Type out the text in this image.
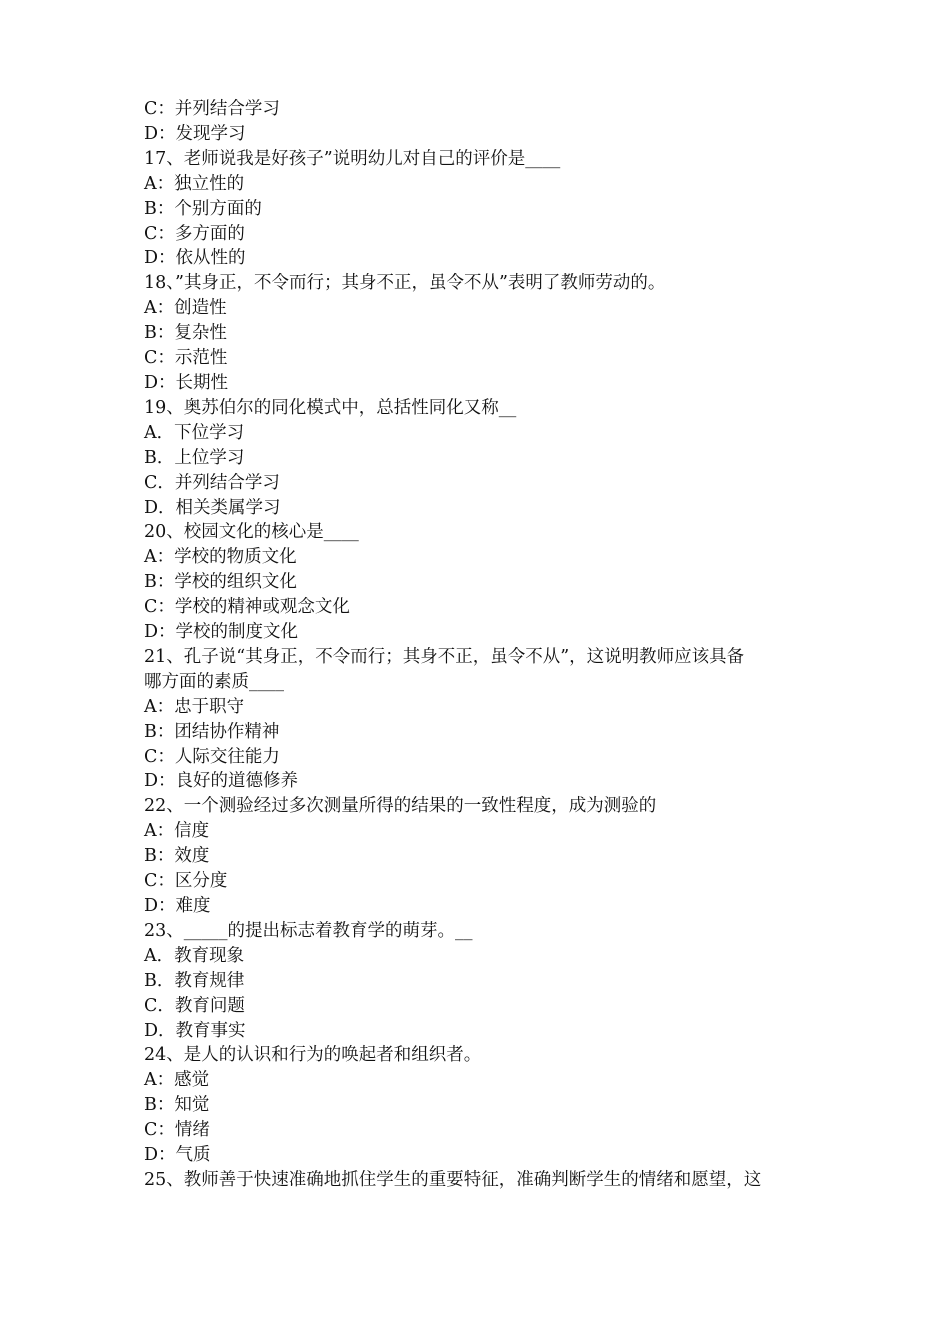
C：并列结合学习
D：发现学习
17、老师说我是好孩子”说明幼儿对自己的评价是____
A：独立性的
B：个别方面的
C：多方面的
D：依从性的
18、”其身正，不令而行；其身不正，虽令不从”表明了教师劳动的。
A：创造性
B：复杂性
C：示范性
D：长期性
19、奥苏伯尔的同化模式中，总括性同化又称__
A．下位学习
B．上位学习
C．并列结合学习
D．相关类属学习
20、校园文化的核心是____
A：学校的物质文化
B：学校的组织文化
C：学校的精神或观念文化
D：学校的制度文化
21、孔子说“其身正，不令而行；其身不正，虽令不从”，这说明教师应该具备
哪方面的素质____
A：忠于职守
B：团结协作精神
C：人际交往能力
D：良好的道德修养
22、一个测验经过多次测量所得的结果的一致性程度，成为测验的
A：信度
B：效度
C：区分度
D：难度
23、_____的提出标志着教育学的萌芽。__
A．教育现象
B．教育规律
C．教育问题
D．教育事实
24、是人的认识和行为的唤起者和组织者。
A：感觉
B：知觉
C：情绪
D：气质
25、教师善于快速准确地抓住学生的重要特征，准确判断学生的情绪和愿望，这
